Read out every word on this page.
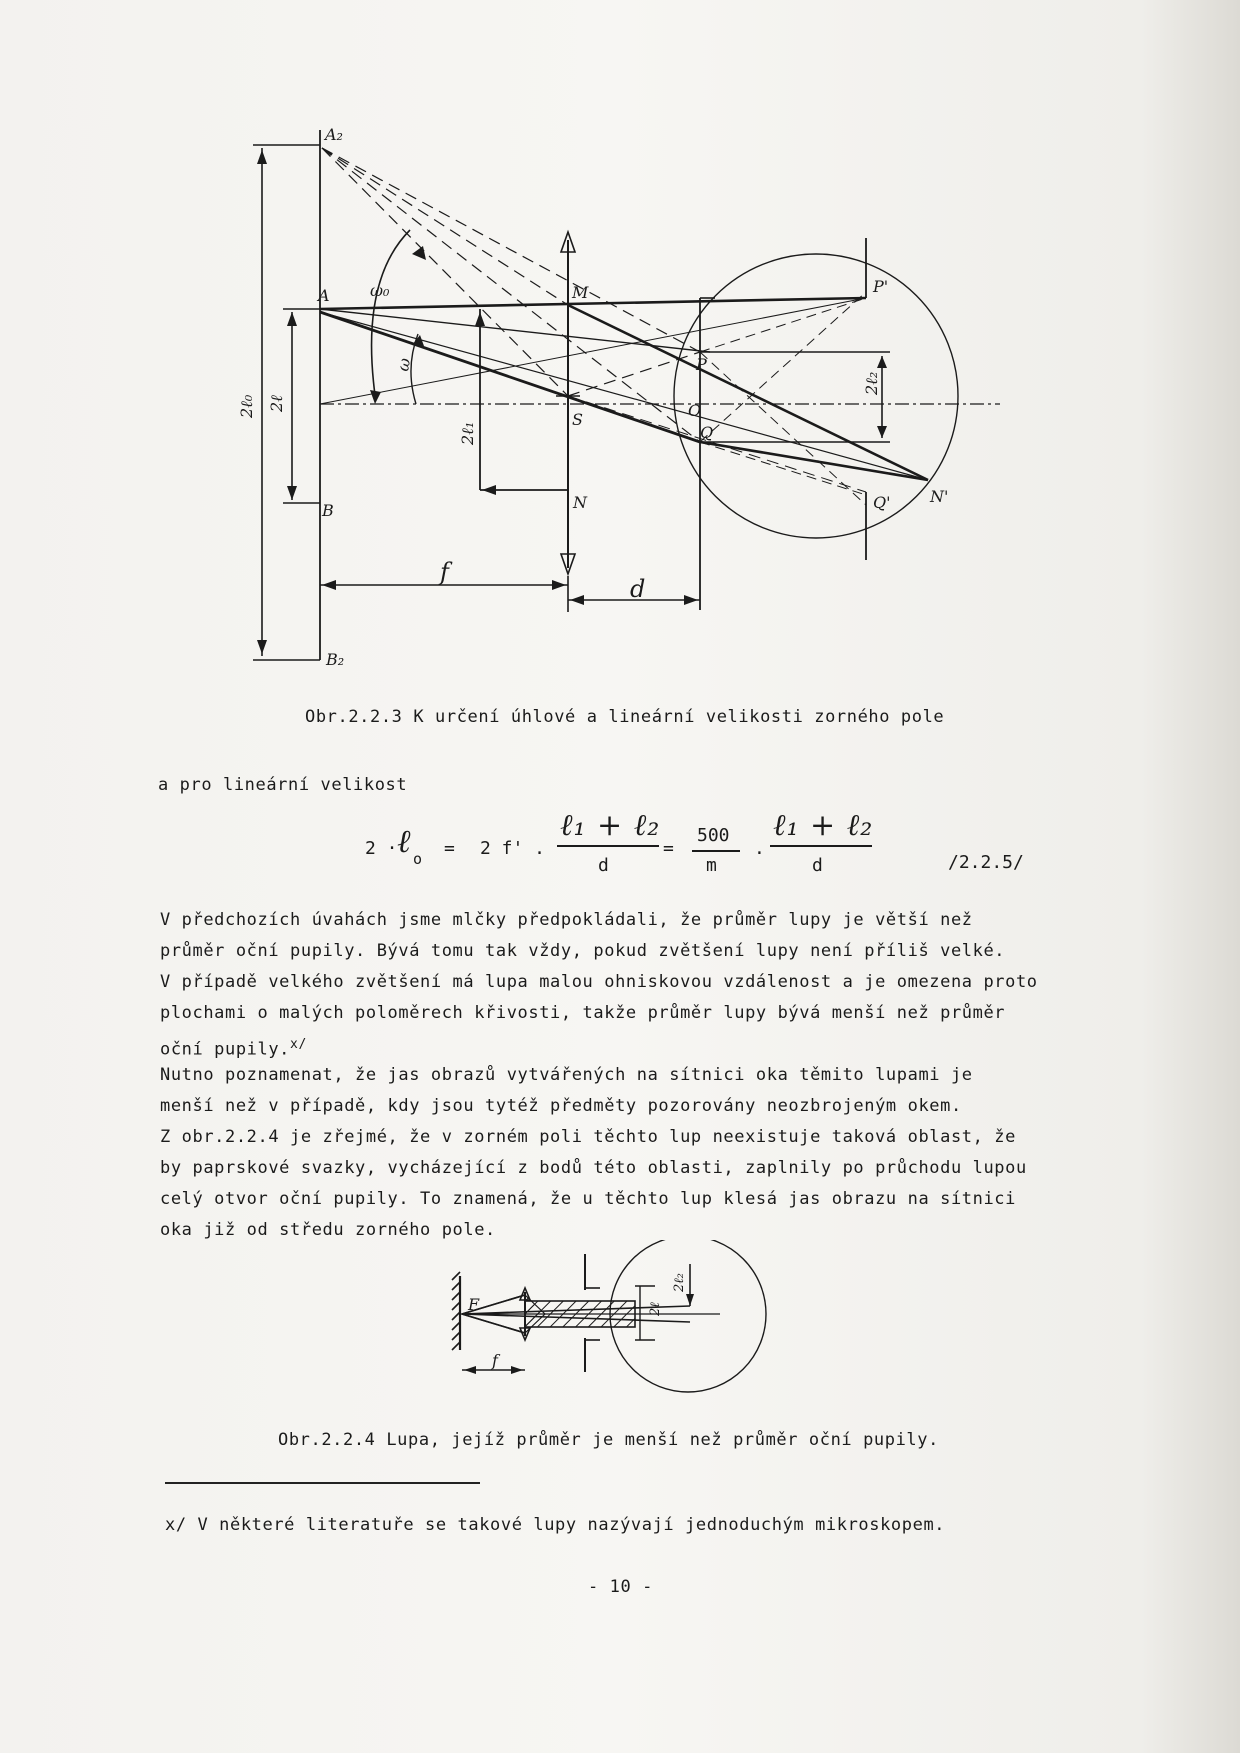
A₂
A
B
B₂
M
S
N
P
O
Q
P'
Q' N'
2ℓ₀ 2ℓ
2ℓ₁
2ℓ₂
ω₀
ω
f
d
Obr.2.2.3 K určení úhlové a lineární velikosti zorného pole
a pro lineární velikost
2 · ℓ o = 2 f' .
ℓ₁ + ℓ₂
d
=
500
m
.
ℓ₁ + ℓ₂
d	/2.2.5/
V předchozích úvahách jsme mlčky předpokládali, že průměr lupy je větší než
průměr oční pupily. Bývá tomu tak vždy, pokud zvětšení lupy není příliš velké.
V případě velkého zvětšení má lupa malou ohniskovou vzdálenost a je omezena proto
plochami o malých poloměrech křivosti, takže průměr lupy bývá menší než průměr
oční pupily.$^{x/}$
Nutno poznamenat, že jas obrazů vytvářených na sítnici oka těmito lupami je
menší než v případě, kdy jsou tytéž předměty pozorovány neozbrojeným okem.
Z obr.2.2.4 je zřejmé, že v zorném poli těchto lup neexistuje taková oblast, že
by paprskové svazky, vycházející z bodů této oblasti, zaplnily po průchodu lupou
celý otvor oční pupily. To znamená, že u těchto lup klesá jas obrazu na sítnici
oka již od středu zorného pole.
F
f
2ℓ
2ℓ₂
Obr.2.2.4 Lupa, jejíž průměr je menší než průměr oční pupily.
x/ V některé literatuře se takové lupy nazývají jednoduchým mikroskopem.
- 10 -
